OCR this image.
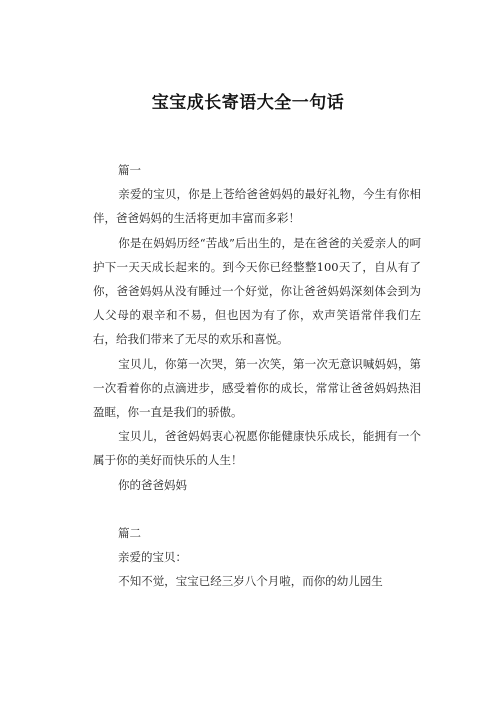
宝宝成长寄语大全一句话

篇一

亲爱的宝贝，你是上苍给爸爸妈妈的最好礼物，今生有你相伴，爸爸妈妈的生活将更加丰富而多彩！

你是在妈妈历经“苦战”后出生的，是在爸爸的关爱亲人的呵护下一天天成长起来的。到今天你已经整整100天了，自从有了你，爸爸妈妈从没有睡过一个好觉，你让爸爸妈妈深刻体会到为人父母的艰辛和不易，但也因为有了你，欢声笑语常伴我们左右，给我们带来了无尽的欢乐和喜悦。

宝贝儿，你第一次哭，第一次笑，第一次无意识喊妈妈，第一次看着你的点滴进步，感受着你的成长，常常让爸爸妈妈热泪盈眶，你一直是我们的骄傲。

宝贝儿，爸爸妈妈衷心祝愿你能健康快乐成长，能拥有一个属于你的美好而快乐的人生！

你的爸爸妈妈

篇二

亲爱的宝贝：

不知不觉，宝宝已经三岁八个月啦，而你的幼儿园生
